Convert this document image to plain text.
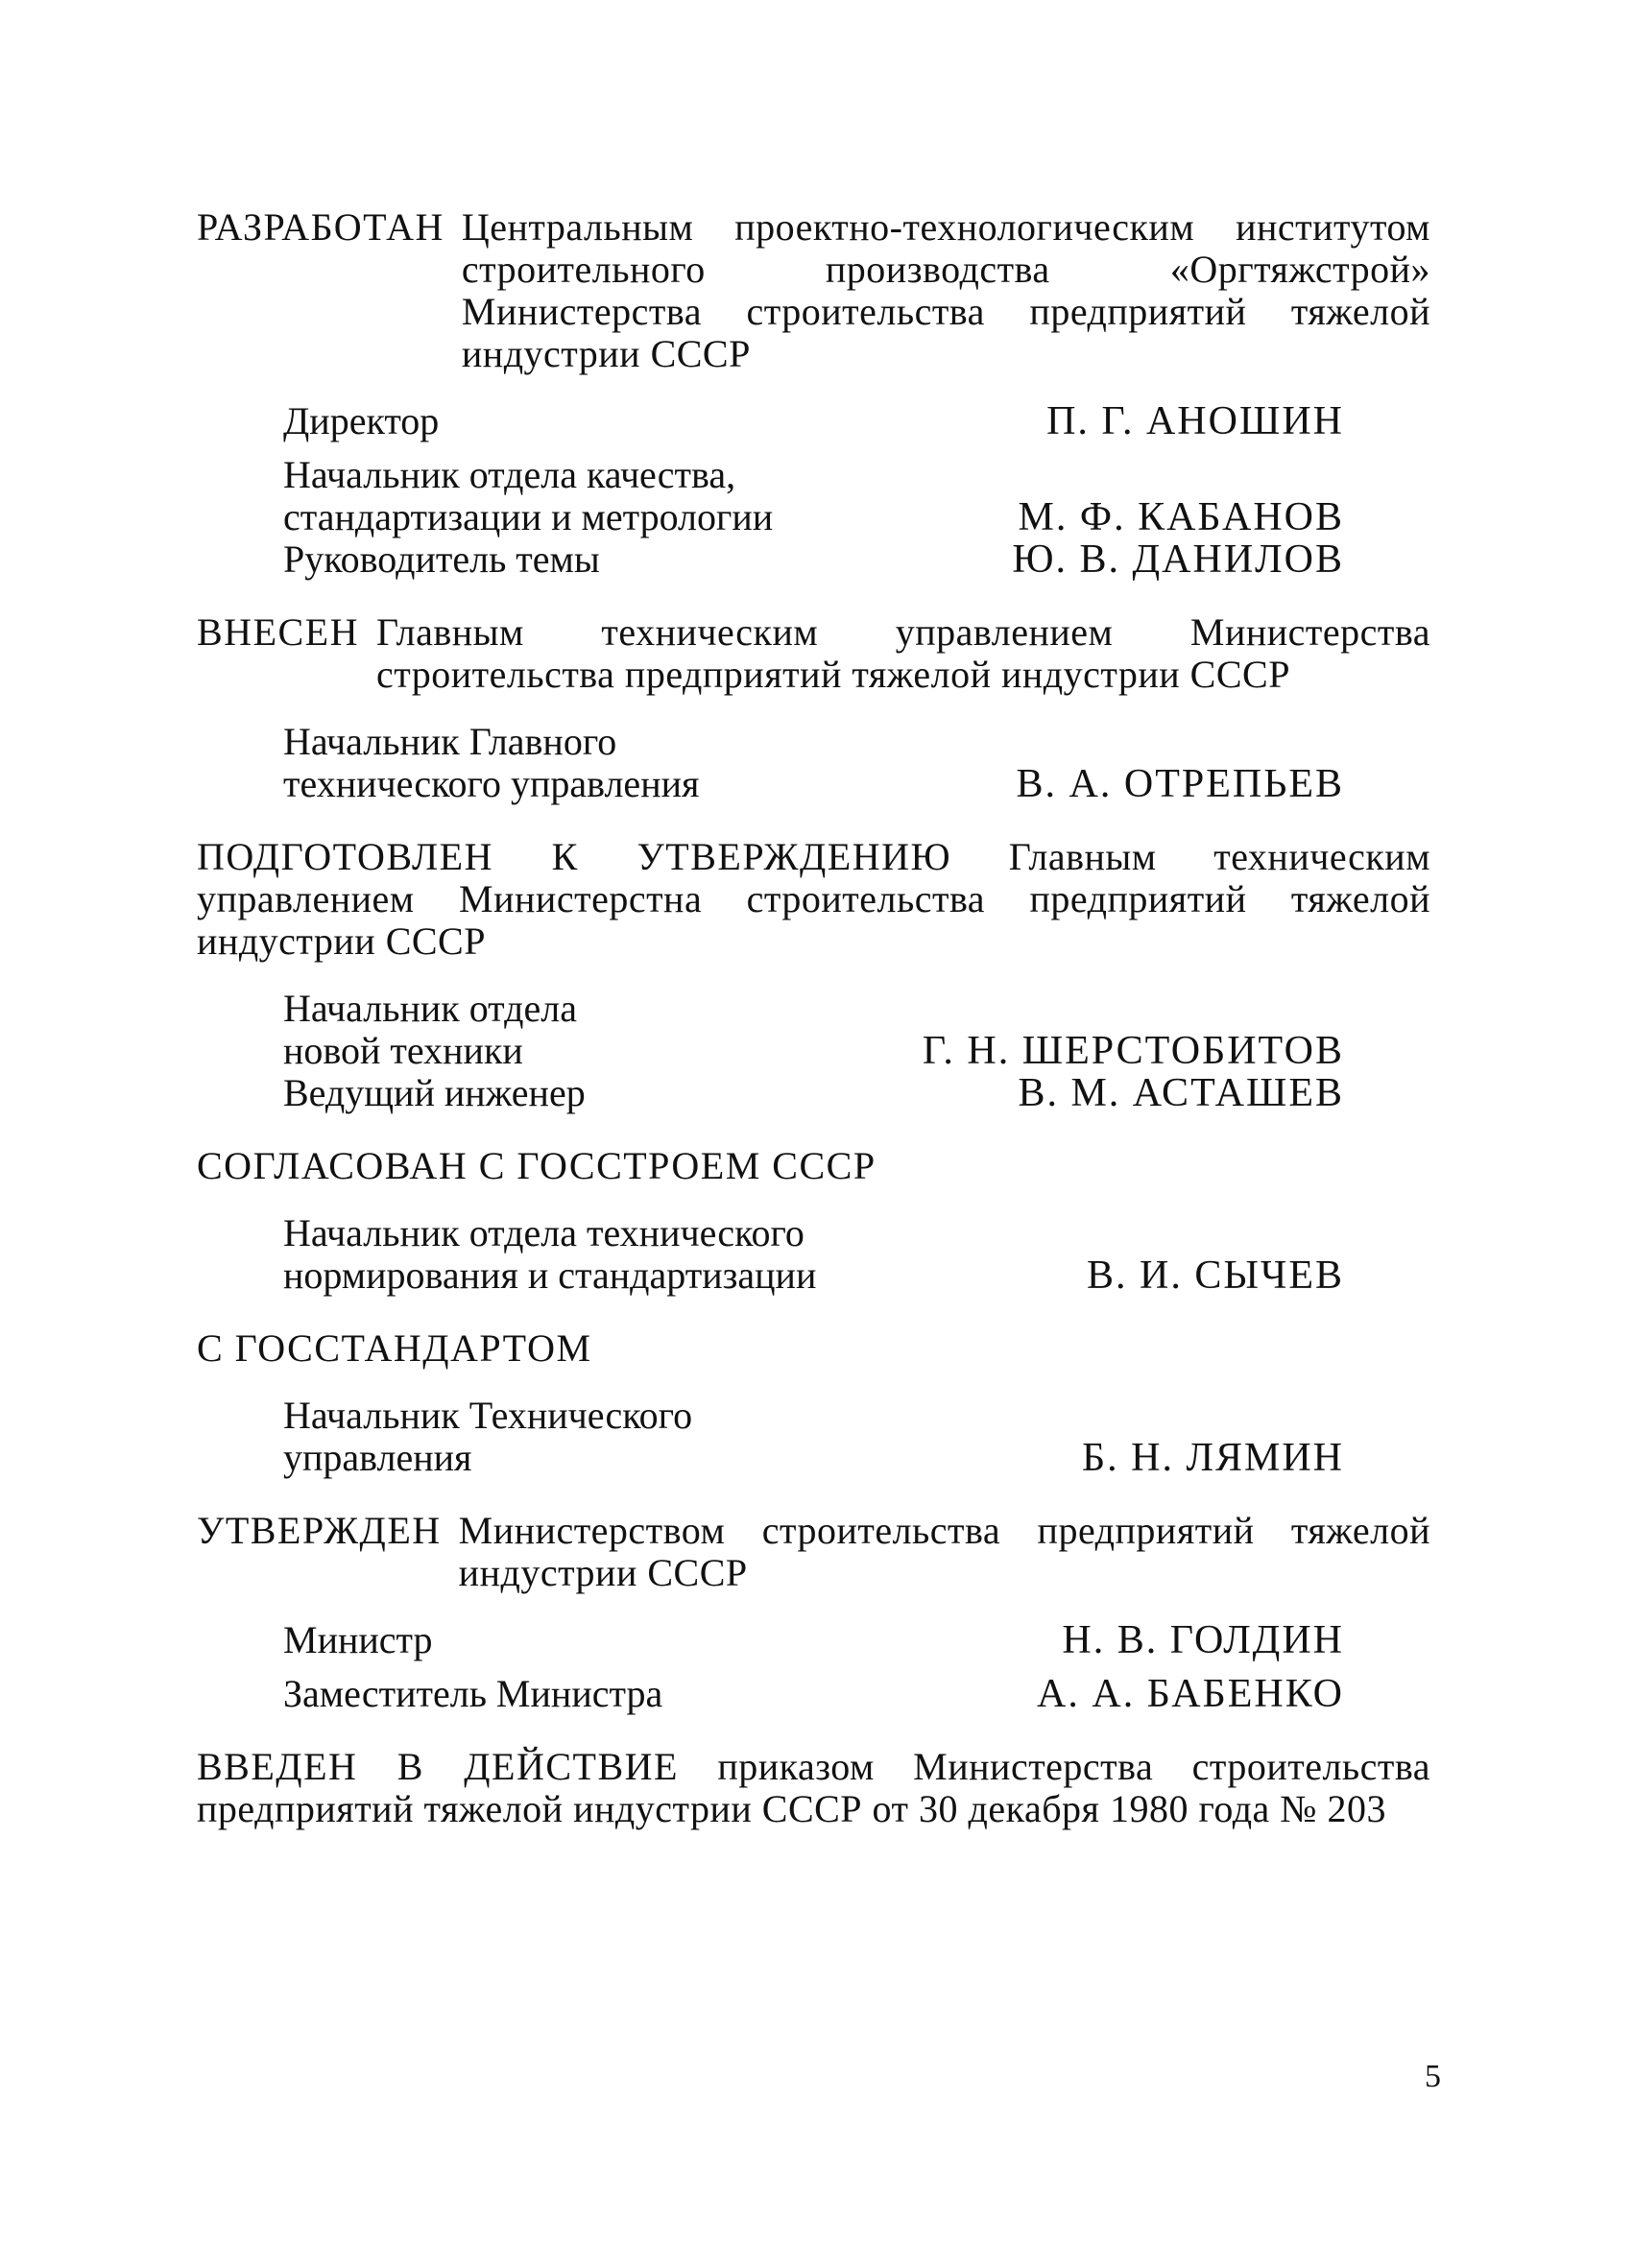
РАЗРАБОТАН Центральным проектно-технологическим институтом строительного производства «Оргтяжстрой» Министерства строительства предприятий тяжелой индустрии СССР
Директор	П. Г. АНОШИН
Начальник отдела качества,
стандартизации и метрологии	М. Ф. КАБАНОВ
Руководитель темы	Ю. В. ДАНИЛОВ
ВНЕСЕН Главным техническим управлением Министерства строительства предприятий тяжелой индустрии СССР
Начальник Главного
технического управления	В. А. ОТРЕПЬЕВ
ПОДГОТОВЛЕН К УТВЕРЖДЕНИЮ Главным техническим управлением Министерстна строительства предприятий тяжелой индустрии СССР
Начальник отдела
новой техники	Г. Н. ШЕРСТОБИТОВ
Ведущий инженер	В. М. АСТАШЕВ
СОГЛАСОВАН С ГОССТРОЕМ СССР
Начальник отдела технического
нормирования и стандартизации	В. И. СЫЧЕВ
С ГОССТАНДАРТОМ
Начальник Технического
управления	Б. Н. ЛЯМИН
УТВЕРЖДЕН Министерством строительства предприятий тяжелой индустрии СССР
Министр	Н. В. ГОЛДИН
Заместитель Министра	А. А. БАБЕНКО
ВВЕДЕН В ДЕЙСТВИЕ приказом Министерства строительства предприятий тяжелой индустрии СССР от 30 декабря 1980 года № 203
5
